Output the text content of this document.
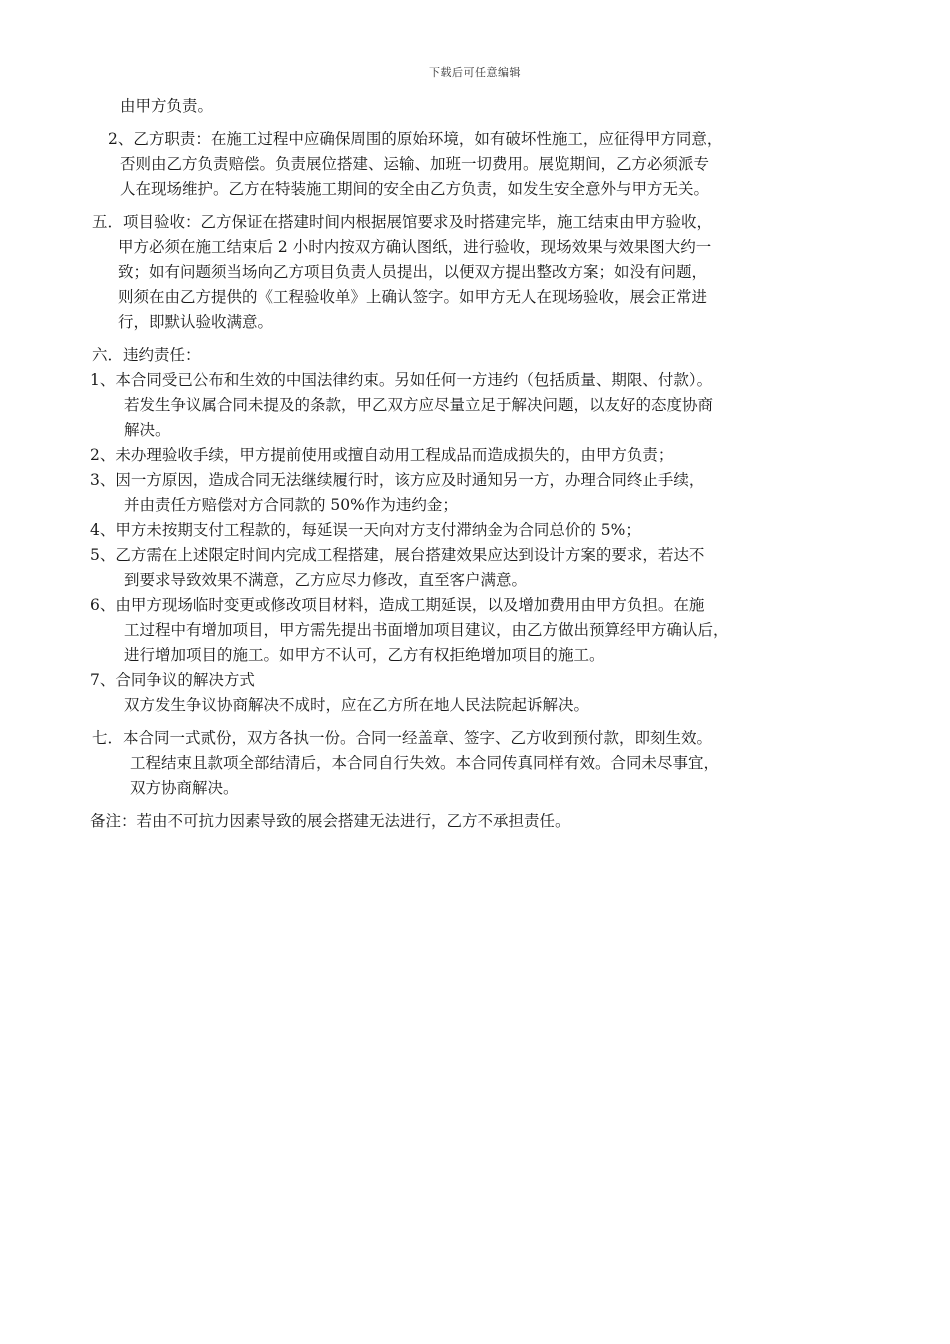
下载后可任意编辑

由甲方负责。

2、乙方职责：在施工过程中应确保周围的原始环境，如有破坏性施工，应征得甲方同意，

否则由乙方负责赔偿。负责展位搭建、运输、加班一切费用。展览期间，乙方必须派专

人在现场维护。乙方在特装施工期间的安全由乙方负责，如发生安全意外与甲方无关。

五．项目验收：乙方保证在搭建时间内根据展馆要求及时搭建完毕，施工结束由甲方验收，

甲方必须在施工结束后 2 小时内按双方确认图纸，进行验收，现场效果与效果图大约一

致；如有问题须当场向乙方项目负责人员提出，以便双方提出整改方案；如没有问题，

则须在由乙方提供的《工程验收单》上确认签字。如甲方无人在现场验收，展会正常进

行，即默认验收满意。

六．违约责任：

1、本合同受已公布和生效的中国法律约束。另如任何一方违约（包括质量、期限、付款）。

若发生争议属合同未提及的条款，甲乙双方应尽量立足于解决问题，以友好的态度协商

解决。

2、未办理验收手续，甲方提前使用或擅自动用工程成品而造成损失的，由甲方负责；

3、因一方原因，造成合同无法继续履行时，该方应及时通知另一方，办理合同终止手续，

并由责任方赔偿对方合同款的 50%作为违约金；

4、甲方未按期支付工程款的，每延误一天向对方支付滞纳金为合同总价的 5%；

5、乙方需在上述限定时间内完成工程搭建，展台搭建效果应达到设计方案的要求，若达不

到要求导致效果不满意，乙方应尽力修改，直至客户满意。

6、由甲方现场临时变更或修改项目材料，造成工期延误，以及增加费用由甲方负担。在施

工过程中有增加项目，甲方需先提出书面增加项目建议，由乙方做出预算经甲方确认后，

进行增加项目的施工。如甲方不认可，乙方有权拒绝增加项目的施工。

7、合同争议的解决方式

双方发生争议协商解决不成时，应在乙方所在地人民法院起诉解决。

七．本合同一式贰份，双方各执一份。合同一经盖章、签字、乙方收到预付款，即刻生效。

工程结束且款项全部结清后，本合同自行失效。本合同传真同样有效。合同未尽事宜，

双方协商解决。

备注：若由不可抗力因素导致的展会搭建无法进行，乙方不承担责任。
